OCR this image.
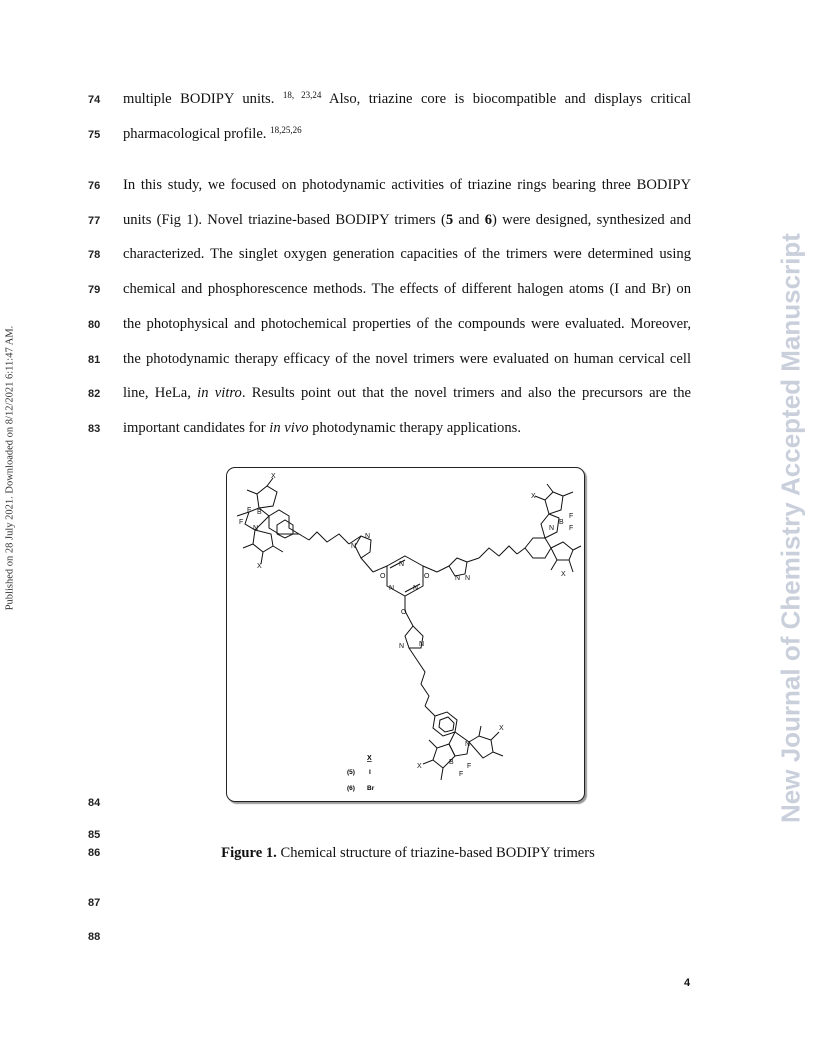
Published on 28 July 2021. Downloaded on 8/12/2021 6:11:47 AM.	New Journal of Chemistry Accepted Manuscript
74	multiple BODIPY units. $^{18, 23,24}$ Also, triazine core is biocompatible and displays critical
75	pharmacological profile. $^{18,25,26}$
76	In this study, we focused on photodynamic activities of triazine rings bearing three BODIPY
77	units (Fig 1). Novel triazine-based BODIPY trimers (5 and 6) were designed, synthesized and
78	characterized. The singlet oxygen generation capacities of the trimers were determined using
79	chemical and phosphorescence methods. The effects of different halogen atoms (I and Br) on
80	the photophysical and photochemical properties of the compounds were evaluated. Moreover,
81	the photodynamic therapy efficacy of the novel trimers were evaluated on human cervical cell
82	line, HeLa, in vitro. Results point out that the novel trimers and also the precursors are the
83	important candidates for in vivo photodynamic therapy applications.
O	O
O
N
N	N
N
N
N N
N
N
N
B
F
F
X
X
N
B
F
F
X
X
N
B
F
F
X
X
X
(5) I
(6) Br
84
85
86
87
88
Figure 1. Chemical structure of triazine-based BODIPY trimers
4
